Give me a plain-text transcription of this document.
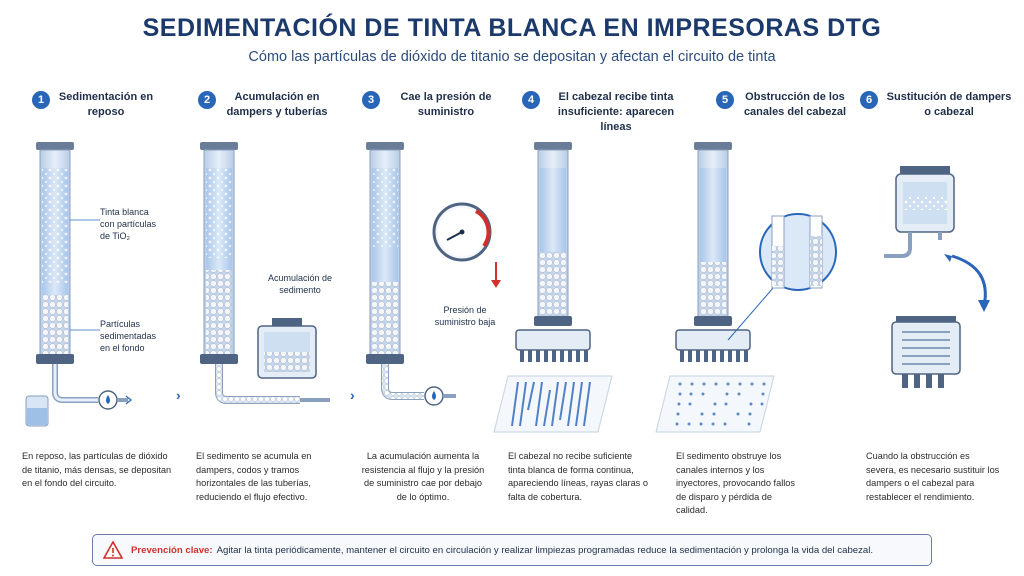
SEDIMENTACIÓN DE TINTA BLANCA EN IMPRESORAS DTG
Cómo las partículas de dióxido de titanio se depositan y afectan el circuito de tinta
1	Sedimentación en reposo
2	Acumulación en dampers y tuberías
3	Cae la presión de suministro
4	El cabezal recibe tinta insuficiente: aparecen líneas
5	Obstrucción de los canales del cabezal
6	Sustitución de dampers o cabezal
›	›
Tinta blanca con partículas de TiO₂
Partículas sedimentadas en el fondo
Acumulación de sedimento
Presión de suministro baja
En reposo, las partículas de dióxido de titanio, más densas, se depositan en el fondo del circuito.
El sedimento se acumula en dampers, codos y tramos horizontales de las tuberías, reduciendo el flujo efectivo.
La acumulación aumenta la resistencia al flujo y la presión de suministro cae por debajo de lo óptimo.
El cabezal no recibe suficiente tinta blanca de forma continua, apareciendo líneas, rayas claras o falta de cobertura.
El sedimento obstruye los canales internos y los inyectores, provocando fallos de disparo y pérdida de calidad.
Cuando la obstrucción es severa, es necesario sustituir los dampers o el cabezal para restablecer el rendimiento.
Prevención clave: Agitar la tinta periódicamente, mantener el circuito en circulación y realizar limpiezas programadas reduce la sedimentación y prolonga la vida del cabezal.
